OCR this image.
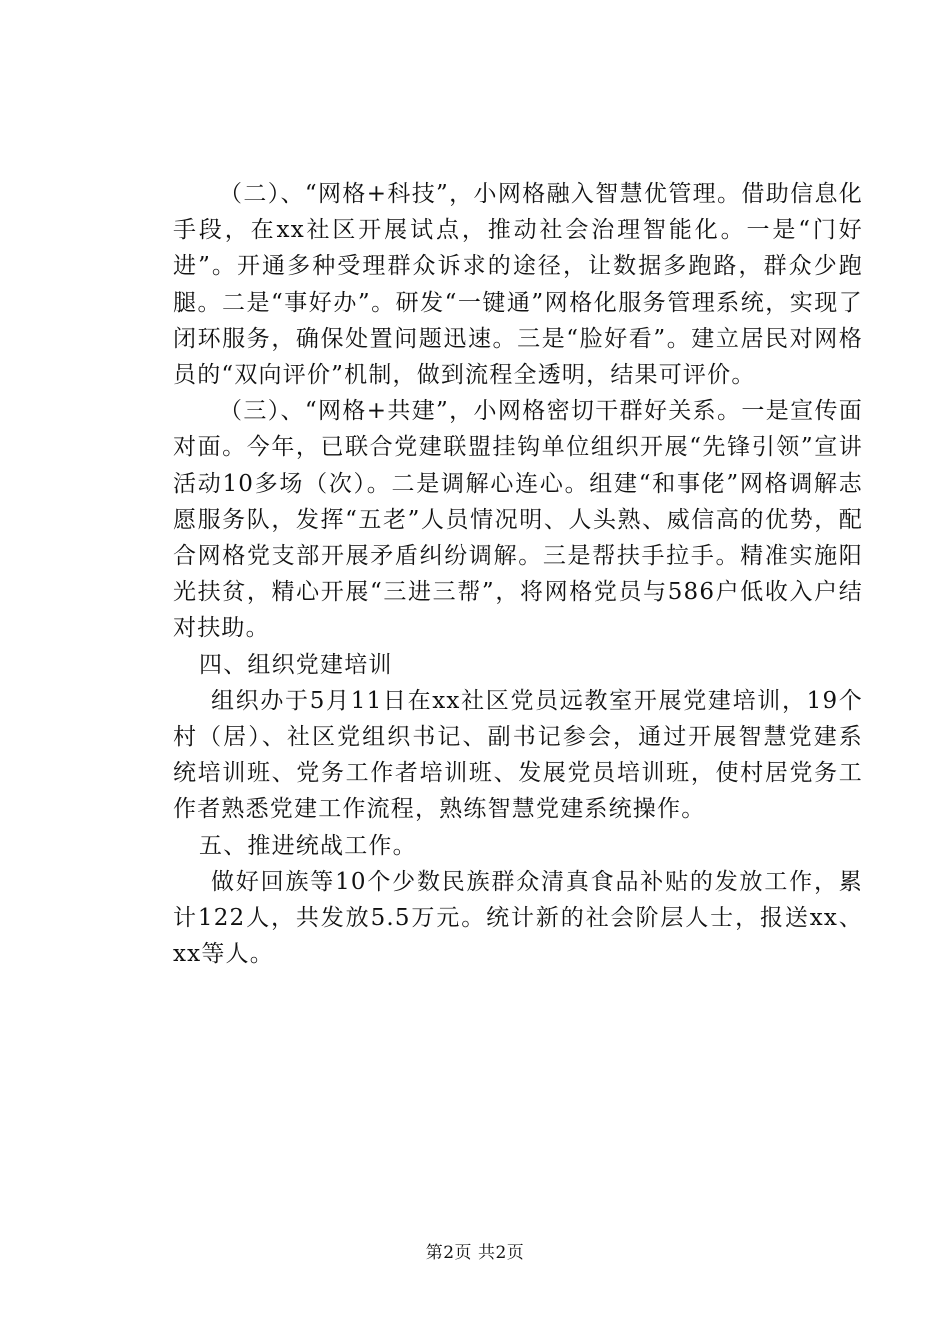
（二）、“网格+科技”，小网格融入智慧优管理。借助信息化手段，在xx社区开展试点，推动社会治理智能化。一是“门好进”。开通多种受理群众诉求的途径，让数据多跑路，群众少跑腿。二是“事好办”。研发“一键通”网格化服务管理系统，实现了闭环服务，确保处置问题迅速。三是“脸好看”。建立居民对网格员的“双向评价”机制，做到流程全透明，结果可评价。

（三）、“网格+共建”，小网格密切干群好关系。一是宣传面对面。今年，已联合党建联盟挂钩单位组织开展“先锋引领”宣讲活动10多场（次）。二是调解心连心。组建“和事佬”网格调解志愿服务队，发挥“五老”人员情况明、人头熟、威信高的优势，配合网格党支部开展矛盾纠纷调解。三是帮扶手拉手。精准实施阳光扶贫，精心开展“三进三帮”，将网格党员与586户低收入户结对扶助。

四、组织党建培训

组织办于5月11日在xx社区党员远教室开展党建培训，19个村（居）、社区党组织书记、副书记参会，通过开展智慧党建系统培训班、党务工作者培训班、发展党员培训班，使村居党务工作者熟悉党建工作流程，熟练智慧党建系统操作。

五、推进统战工作。

做好回族等10个少数民族群众清真食品补贴的发放工作，累计122人，共发放5.5万元。统计新的社会阶层人士，报送xx、xx等人。

第2页 共2页
